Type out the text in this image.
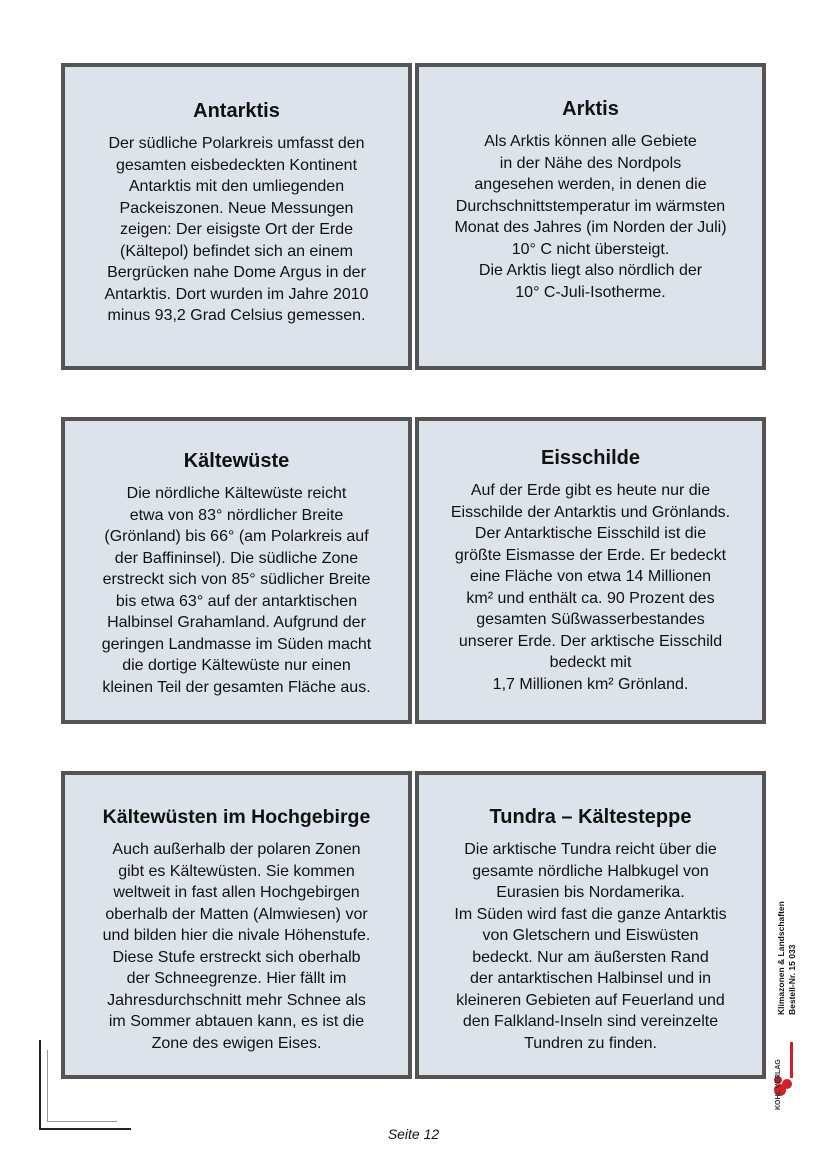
Antarktis
Der südliche Polarkreis umfasst den
gesamten eisbedeckten Kontinent
Antarktis mit den umliegenden
Packeiszonen. Neue Messungen
zeigen: Der eisigste Ort der Erde
(Kältepol) befindet sich an einem
Bergrücken nahe Dome Argus in der
Antarktis. Dort wurden im Jahre 2010
minus 93,2 Grad Celsius gemessen.
Arktis
Als Arktis können alle Gebiete
in der Nähe des Nordpols
angesehen werden, in denen die
Durchschnittstemperatur im wärmsten
Monat des Jahres (im Norden der Juli)
10° C nicht übersteigt.
Die Arktis liegt also nördlich der
10° C-Juli-Isotherme.
Kältewüste
Die nördliche Kältewüste reicht
etwa von 83° nördlicher Breite
(Grönland) bis 66° (am Polarkreis auf
der Baffininsel). Die südliche Zone
erstreckt sich von 85° südlicher Breite
bis etwa 63° auf der antarktischen
Halbinsel Grahamland. Aufgrund der
geringen Landmasse im Süden macht
die dortige Kältewüste nur einen
kleinen Teil der gesamten Fläche aus.
Eisschilde
Auf der Erde gibt es heute nur die
Eisschilde der Antarktis und Grönlands.
Der Antarktische Eisschild ist die
größte Eismasse der Erde. Er bedeckt
eine Fläche von etwa 14 Millionen
km² und enthält ca. 90 Prozent des
gesamten Süßwasserbestandes
unserer Erde. Der arktische Eisschild
bedeckt mit
1,7 Millionen km² Grönland.
Kältewüsten im Hochgebirge
Auch außerhalb der polaren Zonen
gibt es Kältewüsten. Sie kommen
weltweit in fast allen Hochgebirgen
oberhalb der Matten (Almwiesen) vor
und bilden hier die nivale Höhenstufe.
Diese Stufe erstreckt sich oberhalb
der Schneegrenze. Hier fällt im
Jahresdurchschnitt mehr Schnee als
im Sommer abtauen kann, es ist die
Zone des ewigen Eises.
Tundra – Kältesteppe
Die arktische Tundra reicht über die
gesamte nördliche Halbkugel von
Eurasien bis Nordamerika.
Im Süden wird fast die ganze Antarktis
von Gletschern und Eiswüsten
bedeckt. Nur am äußersten Rand
der antarktischen Halbinsel und in
kleineren Gebieten auf Feuerland und
den Falkland-Inseln sind vereinzelte
Tundren zu finden.
Seite 12
Klimazonen & Landschaften Bestell-Nr. 15 033
KOHL VERLAG
